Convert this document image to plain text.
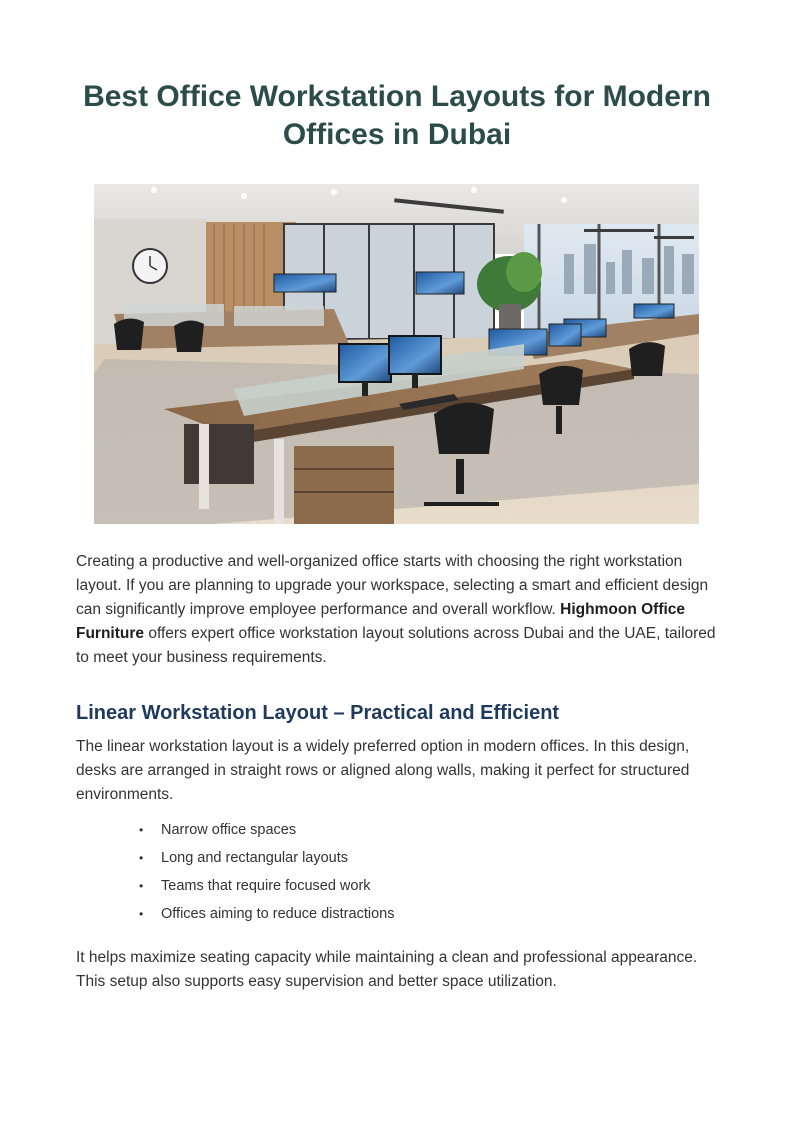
Best Office Workstation Layouts for Modern Offices in Dubai

Creating a productive and well-organized office starts with choosing the right workstation layout. If you are planning to upgrade your workspace, selecting a smart and efficient design can significantly improve employee performance and overall workflow. Highmoon Office Furniture offers expert office workstation layout solutions across Dubai and the UAE, tailored to meet your business requirements.

Linear Workstation Layout – Practical and Efficient

The linear workstation layout is a widely preferred option in modern offices. In this design, desks are arranged in straight rows or aligned along walls, making it perfect for structured environments.

•	Narrow office spaces
•	Long and rectangular layouts
•	Teams that require focused work
•	Offices aiming to reduce distractions

It helps maximize seating capacity while maintaining a clean and professional appearance. This setup also supports easy supervision and better space utilization.
